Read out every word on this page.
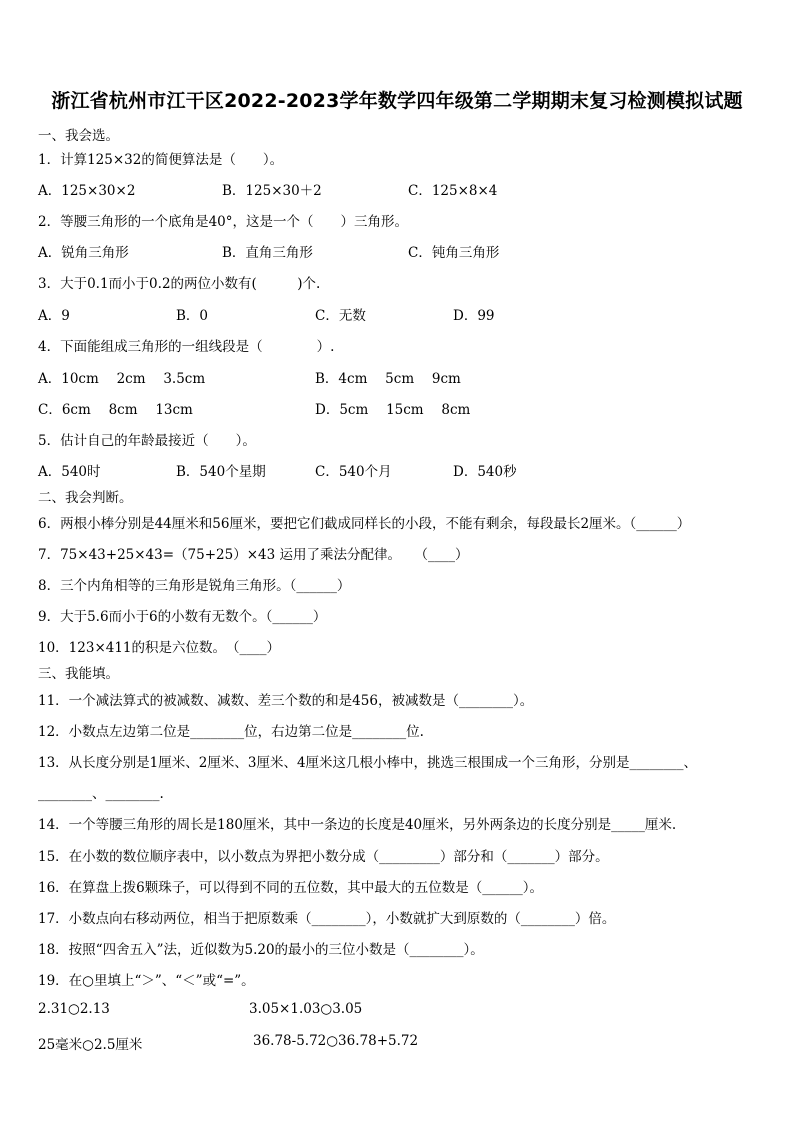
浙江省杭州市江干区2022-2023学年数学四年级第二学期期末复习检测模拟试题
一、我会选。
1．计算125×32的简便算法是（　　）。
A．125×30×2	B．125×30＋2	C．125×8×4
2．等腰三角形的一个底角是40°，这是一个（　　）三角形。
A．锐角三角形	B．直角三角形	C．钝角三角形
3．大于0.1而小于0.2的两位小数有(　　　)个.
A．9	B．0	C．无数	D．99
4．下面能组成三角形的一组线段是（　　　　）.
A．10cm　 2cm　 3.5cm	B．4cm　 5cm　 9cm
C．6cm　 8cm　 13cm	D．5cm　 15cm　 8cm
5．估计自己的年龄最接近（　　）。
A．540时	B．540个星期	C．540个月	D．540秒
二、我会判断。
6．两根小棒分别是44厘米和56厘米，要把它们截成同样长的小段，不能有剩余，每段最长2厘米。（______）
7．75×43+25×43=（75+25）×43 运用了乘法分配律。　　（____）
8．三个内角相等的三角形是锐角三角形。（______）
9．大于5.6而小于6的小数有无数个。（______）
10．123×411的积是六位数。　（____）
三、我能填。
11．一个减法算式的被减数、减数、差三个数的和是456，被减数是（________）。
12．小数点左边第二位是________位，右边第二位是________位.
13．从长度分别是1厘米、2厘米、3厘米、4厘米这几根小棒中，挑选三根围成一个三角形，分别是________、
________、________.
14．一个等腰三角形的周长是180厘米，其中一条边的长度是40厘米，另外两条边的长度分别是_____厘米.
15．在小数的数位顺序表中，以小数点为界把小数分成（_________）部分和（_______）部分。
16．在算盘上拨6颗珠子，可以得到不同的五位数，其中最大的五位数是（______）。
17．小数点向右移动两位，相当于把原数乘（________），小数就扩大到原数的（________）倍。
18．按照“四舍五入”法，近似数为5.20的最小的三位小数是（________）。
19．在○里填上“＞”、“＜”或“=”。
2.31○2.13	3.05×1.03○3.05
25毫米○2.5厘米	36.78-5.72○36.78+5.72
